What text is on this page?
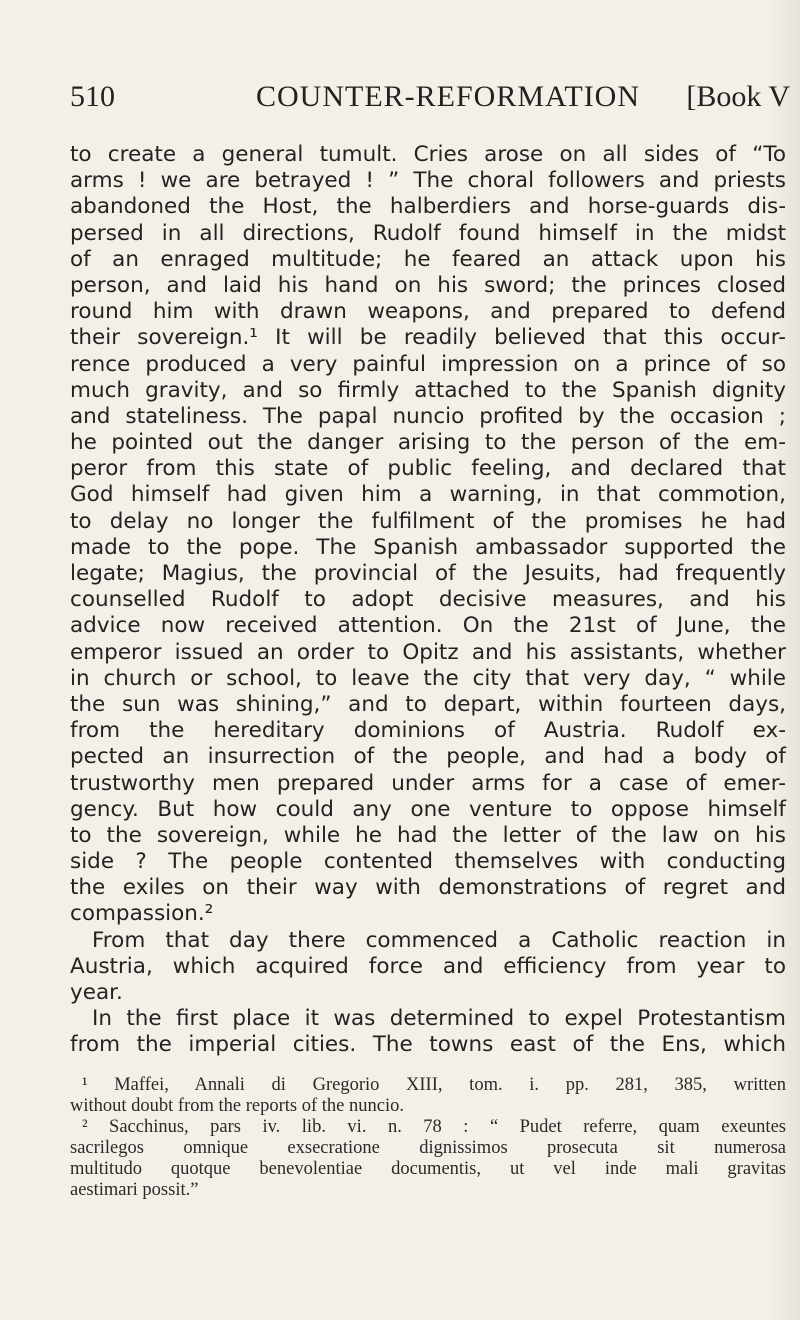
510	COUNTER-REFORMATION [Book V
to create a general tumult. Cries arose on all sides of “To
arms ! we are betrayed ! ” The choral followers and priests
abandoned the Host, the halberdiers and horse-guards dis-
persed in all directions, Rudolf found himself in the midst
of an enraged multitude; he feared an attack upon his
person, and laid his hand on his sword; the princes closed
round him with drawn weapons, and prepared to defend
their sovereign.¹ It will be readily believed that this occur-
rence produced a very painful impression on a prince of so
much gravity, and so firmly attached to the Spanish dignity
and stateliness. The papal nuncio profited by the occasion ;
he pointed out the danger arising to the person of the em-
peror from this state of public feeling, and declared that
God himself had given him a warning, in that commotion,
to delay no longer the fulfilment of the promises he had
made to the pope. The Spanish ambassador supported the
legate; Magius, the provincial of the Jesuits, had frequently
counselled Rudolf to adopt decisive measures, and his
advice now received attention. On the 21st of June, the
emperor issued an order to Opitz and his assistants, whether
in church or school, to leave the city that very day, “ while
the sun was shining,” and to depart, within fourteen days,
from the hereditary dominions of Austria. Rudolf ex-
pected an insurrection of the people, and had a body of
trustworthy men prepared under arms for a case of emer-
gency. But how could any one venture to oppose himself
to the sovereign, while he had the letter of the law on his
side ? The people contented themselves with conducting
the exiles on their way with demonstrations of regret and
compassion.²
From that day there commenced a Catholic reaction in
Austria, which acquired force and efficiency from year to
year.
In the first place it was determined to expel Protestantism
from the imperial cities. The towns east of the Ens, which
¹ Maffei, Annali di Gregorio XIII, tom. i. pp. 281, 385, written
without doubt from the reports of the nuncio.
² Sacchinus, pars iv. lib. vi. n. 78 : “ Pudet referre, quam exeuntes
sacrilegos omnique exsecratione dignissimos prosecuta sit numerosa
multitudo quotque benevolentiae documentis, ut vel inde mali gravitas
aestimari possit.”
